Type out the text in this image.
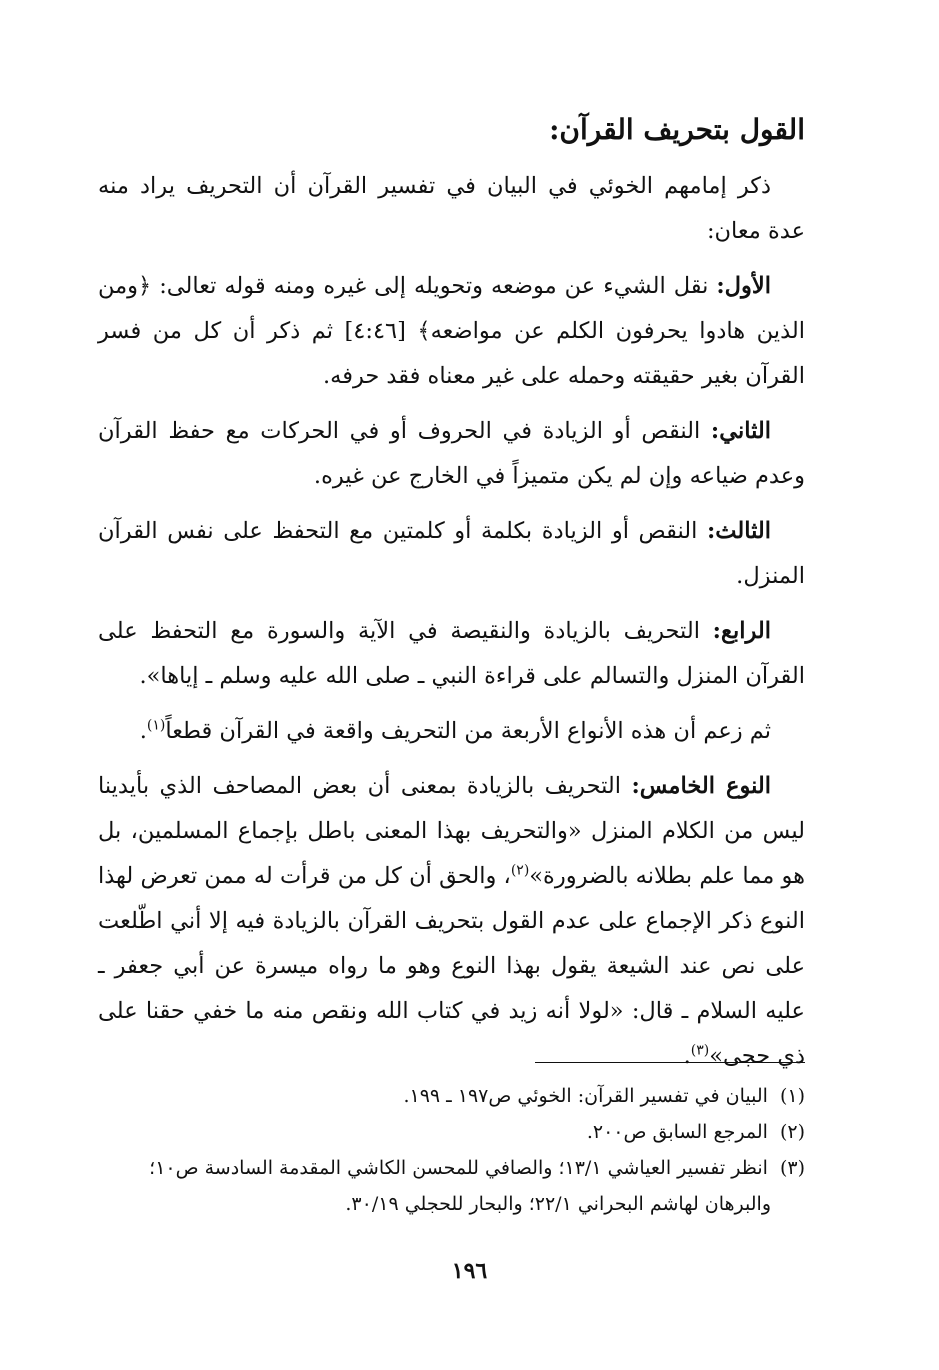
القول بتحريف القرآن:

ذكر إمامهم الخوئي في البيان في تفسير القرآن أن التحريف يراد منه عدة معان:

الأول: نقل الشيء عن موضعه وتحويله إلى غيره ومنه قوله تعالى: ﴿ومن الذين هادوا يحرفون الكلم عن مواضعه﴾ [٤:٤٦] ثم ذكر أن كل من فسر القرآن بغير حقيقته وحمله على غير معناه فقد حرفه.

الثاني: النقص أو الزيادة في الحروف أو في الحركات مع حفظ القرآن وعدم ضياعه وإن لم يكن متميزاً في الخارج عن غيره.

الثالث: النقص أو الزيادة بكلمة أو كلمتين مع التحفظ على نفس القرآن المنزل.

الرابع: التحريف بالزيادة والنقيصة في الآية والسورة مع التحفظ على القرآن المنزل والتسالم على قراءة النبي ـ صلى الله عليه وسلم ـ إياها».

ثم زعم أن هذه الأنواع الأربعة من التحريف واقعة في القرآن قطعاً$^{(١)}$.

النوع الخامس: التحريف بالزيادة بمعنى أن بعض المصاحف الذي بأيدينا ليس من الكلام المنزل «والتحريف بهذا المعنى باطل بإجماع المسلمين، بل هو مما علم بطلانه بالضرورة»$^{(٢)}$، والحق أن كل من قرأت له ممن تعرض لهذا النوع ذكر الإجماع على عدم القول بتحريف القرآن بالزيادة فيه إلا أني اطّلعت على نص عند الشيعة يقول بهذا النوع وهو ما رواه ميسرة عن أبي جعفر ـ عليه السلام ـ قال: «لولا أنه زيد في كتاب الله ونقص منه ما خفي حقنا على ذي حجى»$^{(٣)}$.

(١) البيان في تفسير القرآن: الخوئي ص١٩٧ ـ ١٩٩.

(٢) المرجع السابق ص٢٠٠.

(٣) انظر تفسير العياشي ١٣/١؛ والصافي للمحسن الكاشي المقدمة السادسة ص١٠؛

والبرهان لهاشم البحراني ٢٢/١؛ والبحار للحجلي ٣٠/١٩.

١٩٦
